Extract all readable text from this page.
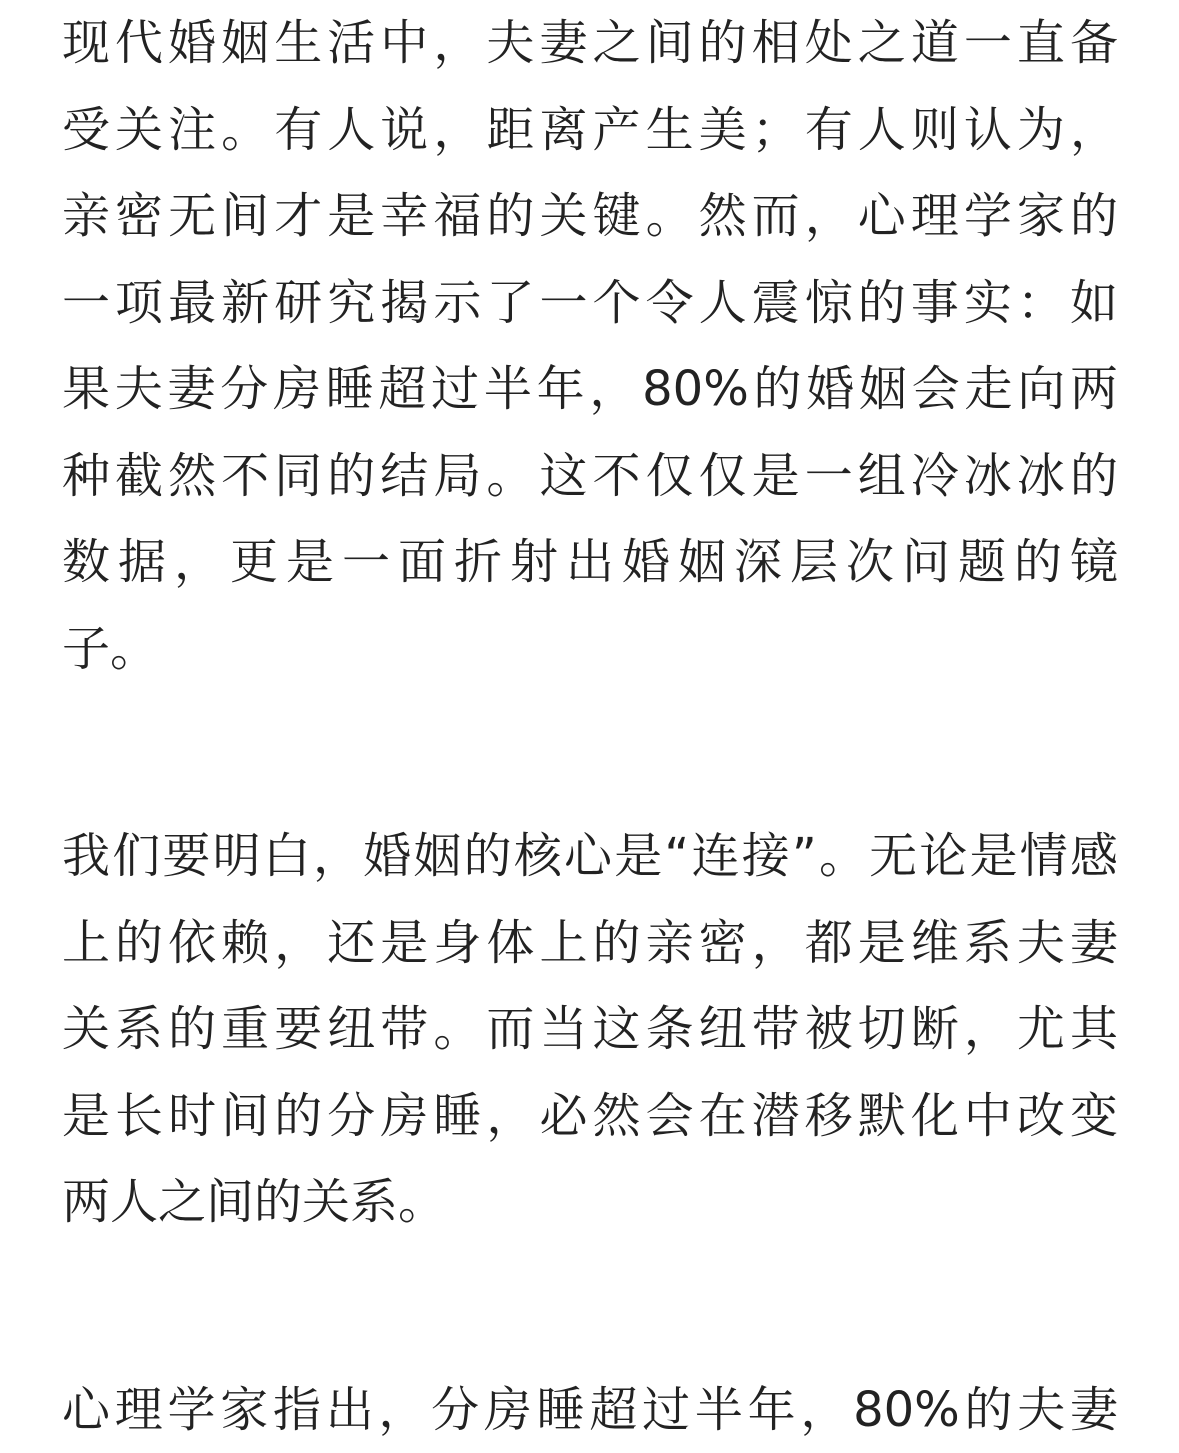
现代婚姻生活中，夫妻之间的相处之道一直备
受关注。有人说，距离产生美；有人则认为，
亲密无间才是幸福的关键。然而，心理学家的
一项最新研究揭示了一个令人震惊的事实：如
果夫妻分房睡超过半年，80%的婚姻会走向两
种截然不同的结局。这不仅仅是一组冷冰冰的
数据，更是一面折射出婚姻深层次问题的镜
子。
我们要明白，婚姻的核心是“连接”。无论是情感
上的依赖，还是身体上的亲密，都是维系夫妻
关系的重要纽带。而当这条纽带被切断，尤其
是长时间的分房睡，必然会在潜移默化中改变
两人之间的关系。
心理学家指出，分房睡超过半年，80%的夫妻
